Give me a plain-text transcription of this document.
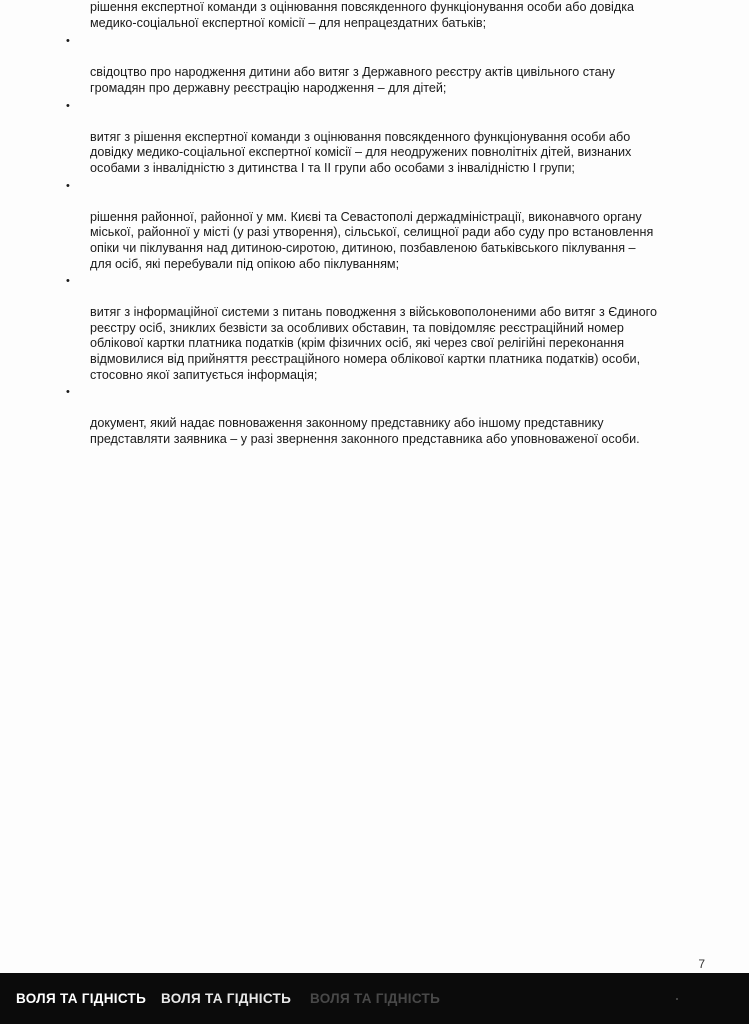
рішення експертної команди з оцінювання повсякденного функціонування особи або довідка
медико-соціальної експертної комісії – для непрацездатних батьків;

•

свідоцтво про народження дитини або витяг з Державного реєстру актів цивільного стану
громадян про державну реєстрацію народження – для дітей;

•

витяг з рішення експертної команди з оцінювання повсякденного функціонування особи або
довідку медико-соціальної експертної комісії – для неодружених повнолітніх дітей, визнаних
особами з інвалідністю з дитинства I та II групи або особами з інвалідністю I групи;

•

рішення районної, районної у мм. Києві та Севастополі держадміністрації, виконавчого органу
міської, районної у місті (у разі утворення), сільської, селищної ради або суду про встановлення
опіки чи піклування над дитиною-сиротою, дитиною, позбавленою батьківського піклування –
для осіб, які перебували під опікою або піклуванням;

•

витяг з інформаційної системи з питань поводження з військовополоненими або витяг з Єдиного
реєстру осіб, зниклих безвісти за особливих обставин, та повідомляє реєстраційний номер
облікової картки платника податків (крім фізичних осіб, які через свої релігійні переконання
відмовилися від прийняття реєстраційного номера облікової картки платника податків) особи,
стосовно якої запитується інформація;

•

документ, який надає повноваження законному представнику або іншому представнику
представляти заявника – у разі звернення законного представника або уповноваженої особи.

7
ВОЛЯ ТА ГІДНІСТЬ ВОЛЯ ТА ГІДНІСТЬ ВОЛЯ ТА ГІДНІСТЬ
